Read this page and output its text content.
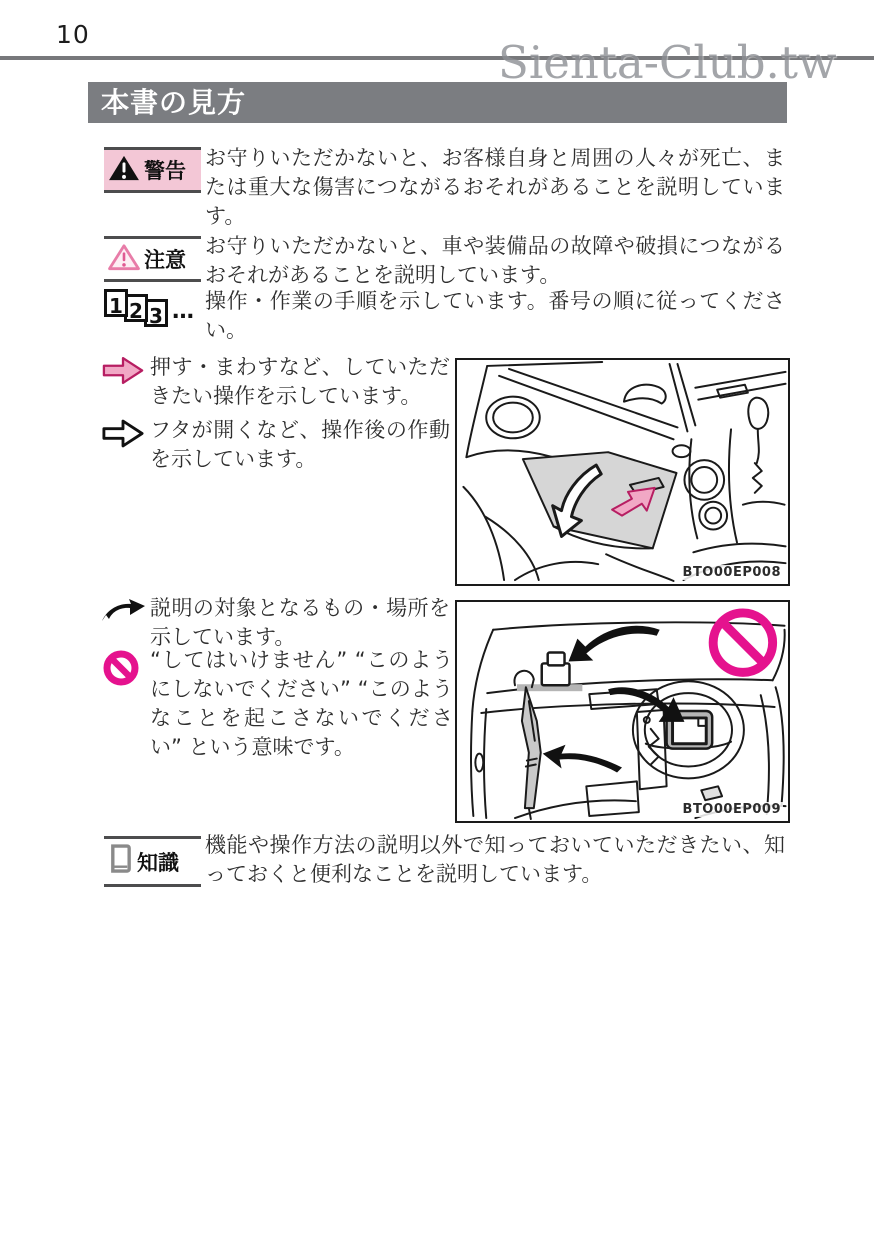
10
Sienta-Club.tw
本書の見方
警告
お守りいただかないと、お客様自身と周囲の人々が死亡、または重大な傷害につながるおそれがあることを説明しています。
注意
お守りいただかないと、車や装備品の故障や破損につながるおそれがあることを説明しています。
1 2 3 … 操作・作業の手順を示しています。番号の順に従ってください。
押す・まわすなど、していただきたい操作を示しています。
フタが開くなど、操作後の作動を示しています。
BTO00EP008
説明の対象となるもの・場所を示しています。
“してはいけません” “このようにしないでください” “このようなことを起こさないでください” という意味です。
BTO00EP009
知識
機能や操作方法の説明以外で知っておいていただきたい、知っておくと便利なことを説明しています。
